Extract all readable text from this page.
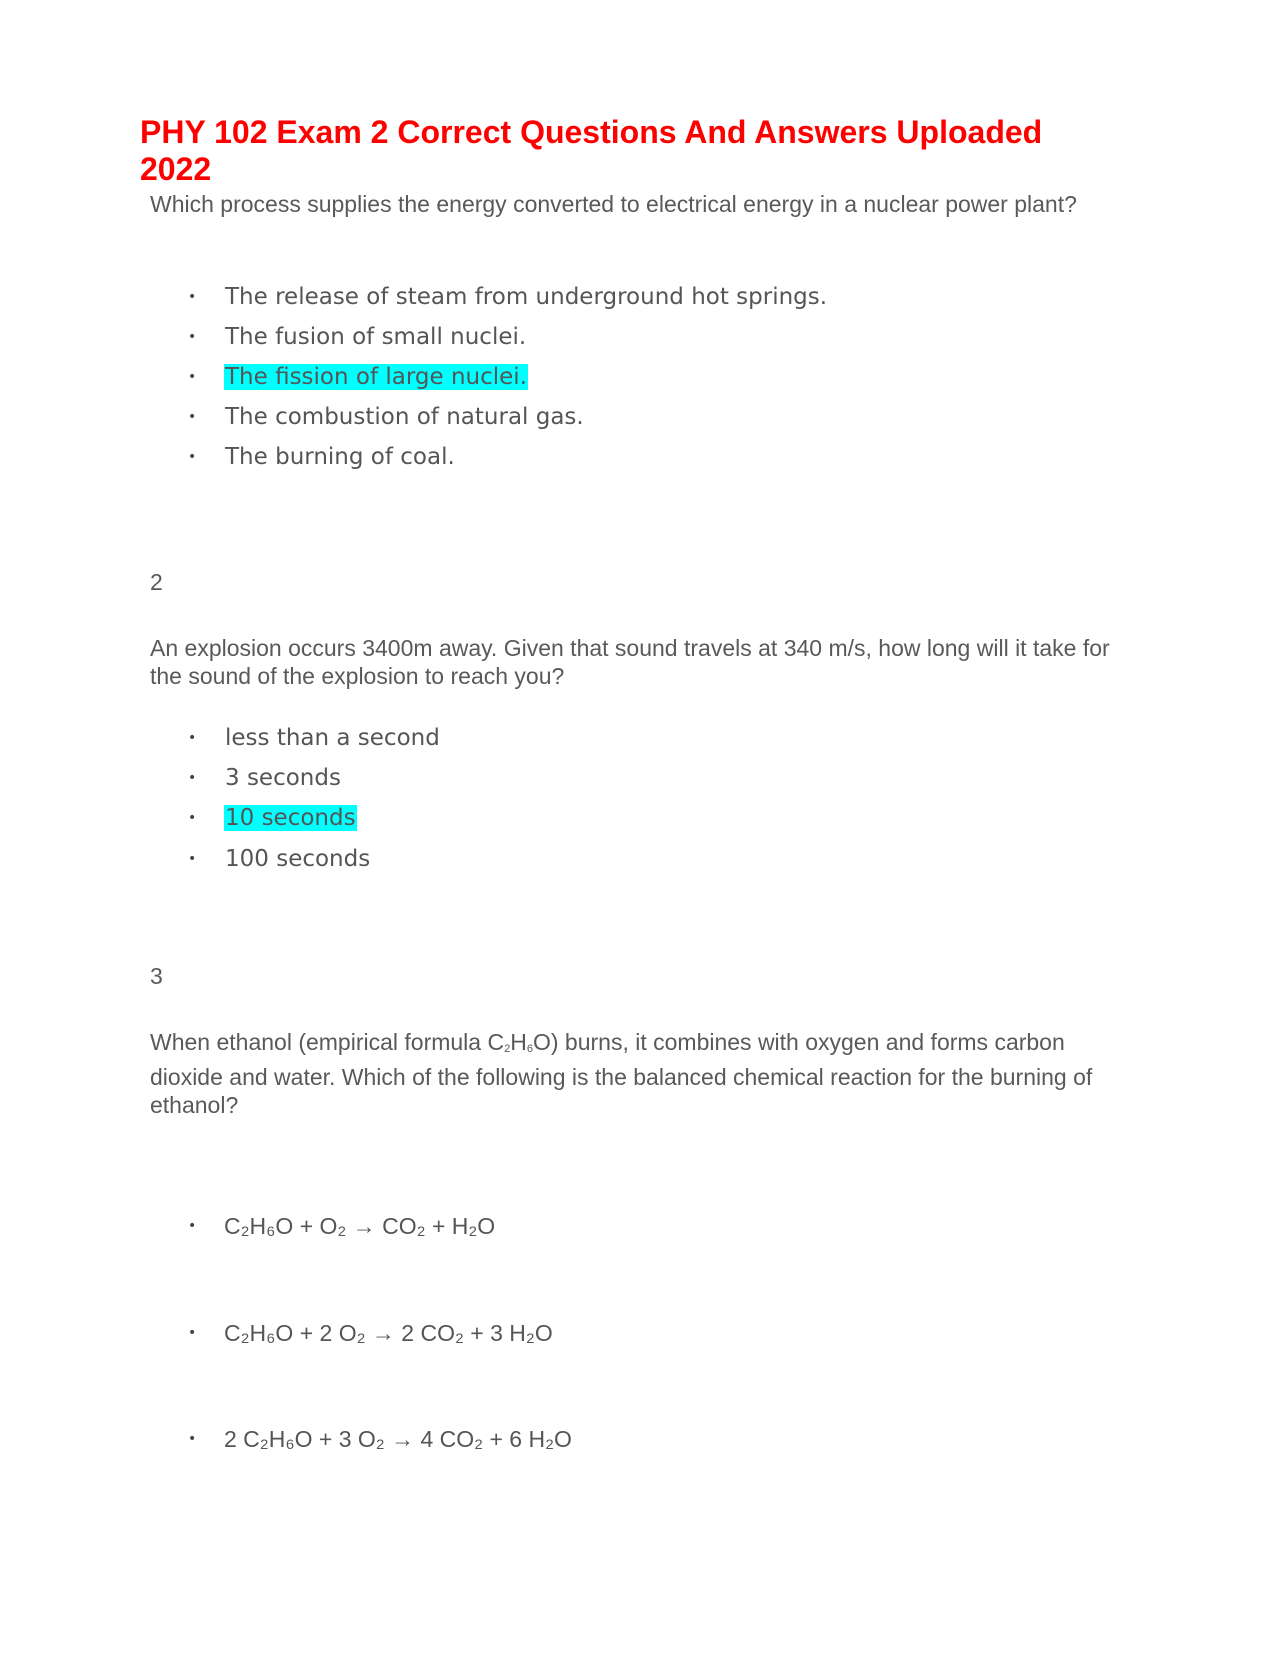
PHY 102 Exam 2 Correct Questions And Answers Uploaded 2022

Which process supplies the energy converted to electrical energy in a nuclear power plant?

•	The release of steam from underground hot springs.
•	The fusion of small nuclei.
•	The fission of large nuclei.
•	The combustion of natural gas.
•	The burning of coal.

2

An explosion occurs 3400m away. Given that sound travels at 340 m/s, how long will it take for the sound of the explosion to reach you?

•	less than a second
•	3 seconds
•	10 seconds
•	100 seconds

3

When ethanol (empirical formula $C_2H_6O$) burns, it combines with oxygen and forms carbon dioxide and water. Which of the following is the balanced chemical reaction for the burning of ethanol?

•	C₂H₆O + O₂ → CO₂ + H₂O
•	C₂H₆O + 2 O₂ → 2 CO₂ + 3 H₂O
•	2 C₂H₆O + 3 O₂ → 4 CO₂ + 6 H₂O
